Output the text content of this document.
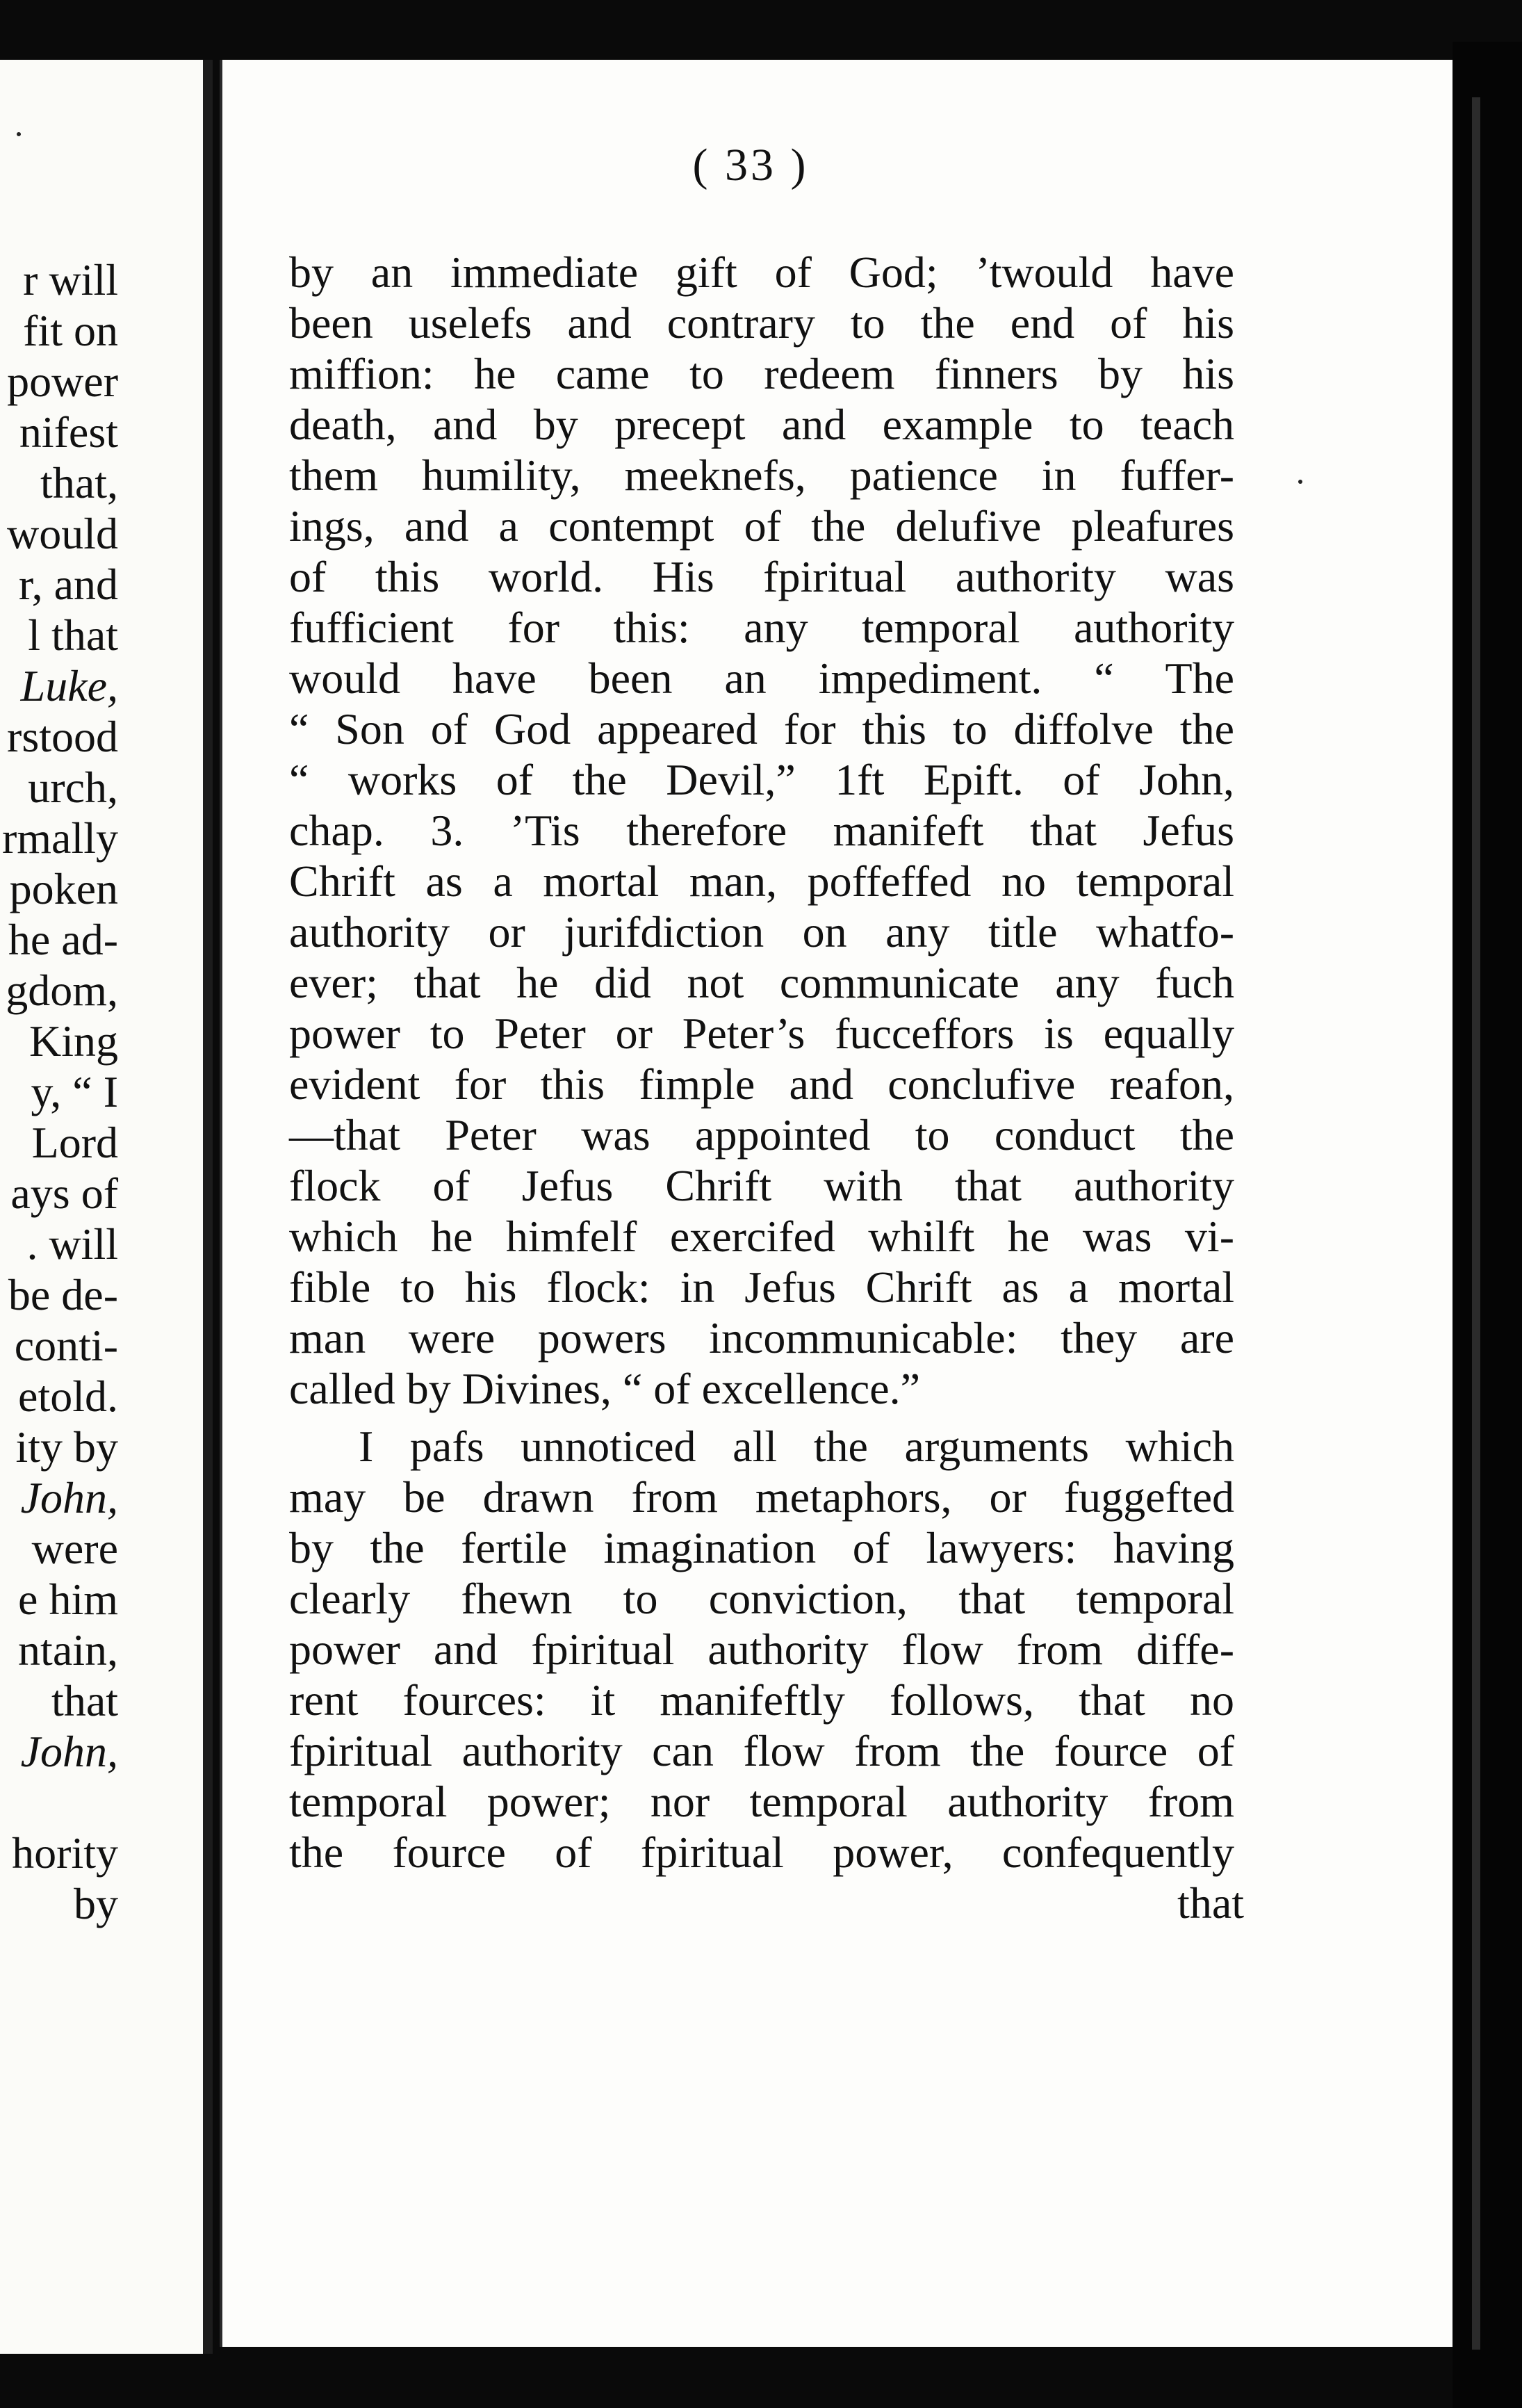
r will
fit on
power
nifest
that,
would
r, and
l that
Luke,
rstood
urch,
rmally
poken
he ad-
gdom,
King
y, “ I
Lord
ays of
. will
be de-
conti-
etold.
ity by
John,
were
e him
ntain,
that
John,
hority
by
( 33 )
by an immediate gift of God; ’twould have
been uselefs and contrary to the end of his
miffion: he came to redeem finners by his
death, and by precept and example to teach
them humility, meeknefs, patience in fuffer-
ings, and a contempt of the delufive pleafures
of this world. His fpiritual authority was
fufficient for this: any temporal authority
would have been an impediment. “ The
“ Son of God appeared for this to diffolve the
“ works of the Devil,” 1ft Epift. of John,
chap. 3. ’Tis therefore manifeft that Jefus
Chrift as a mortal man, poffeffed no temporal
authority or jurifdiction on any title whatfo-
ever; that he did not communicate any fuch
power to Peter or Peter’s fucceffors is equally
evident for this fimple and conclufive reafon,
—that Peter was appointed to conduct the
flock of Jefus Chrift with that authority
which he himfelf exercifed whilft he was vi-
fible to his flock: in Jefus Chrift as a mortal
man were powers incommunicable: they are
called by Divines, “ of excellence.”
I pafs unnoticed all the arguments which
may be drawn from metaphors, or fuggefted
by the fertile imagination of lawyers: having
clearly fhewn to conviction, that temporal
power and fpiritual authority flow from diffe-
rent fources: it manifeftly follows, that no
fpiritual authority can flow from the fource of
temporal power; nor temporal authority from
the fource of fpiritual power, confequently
that
